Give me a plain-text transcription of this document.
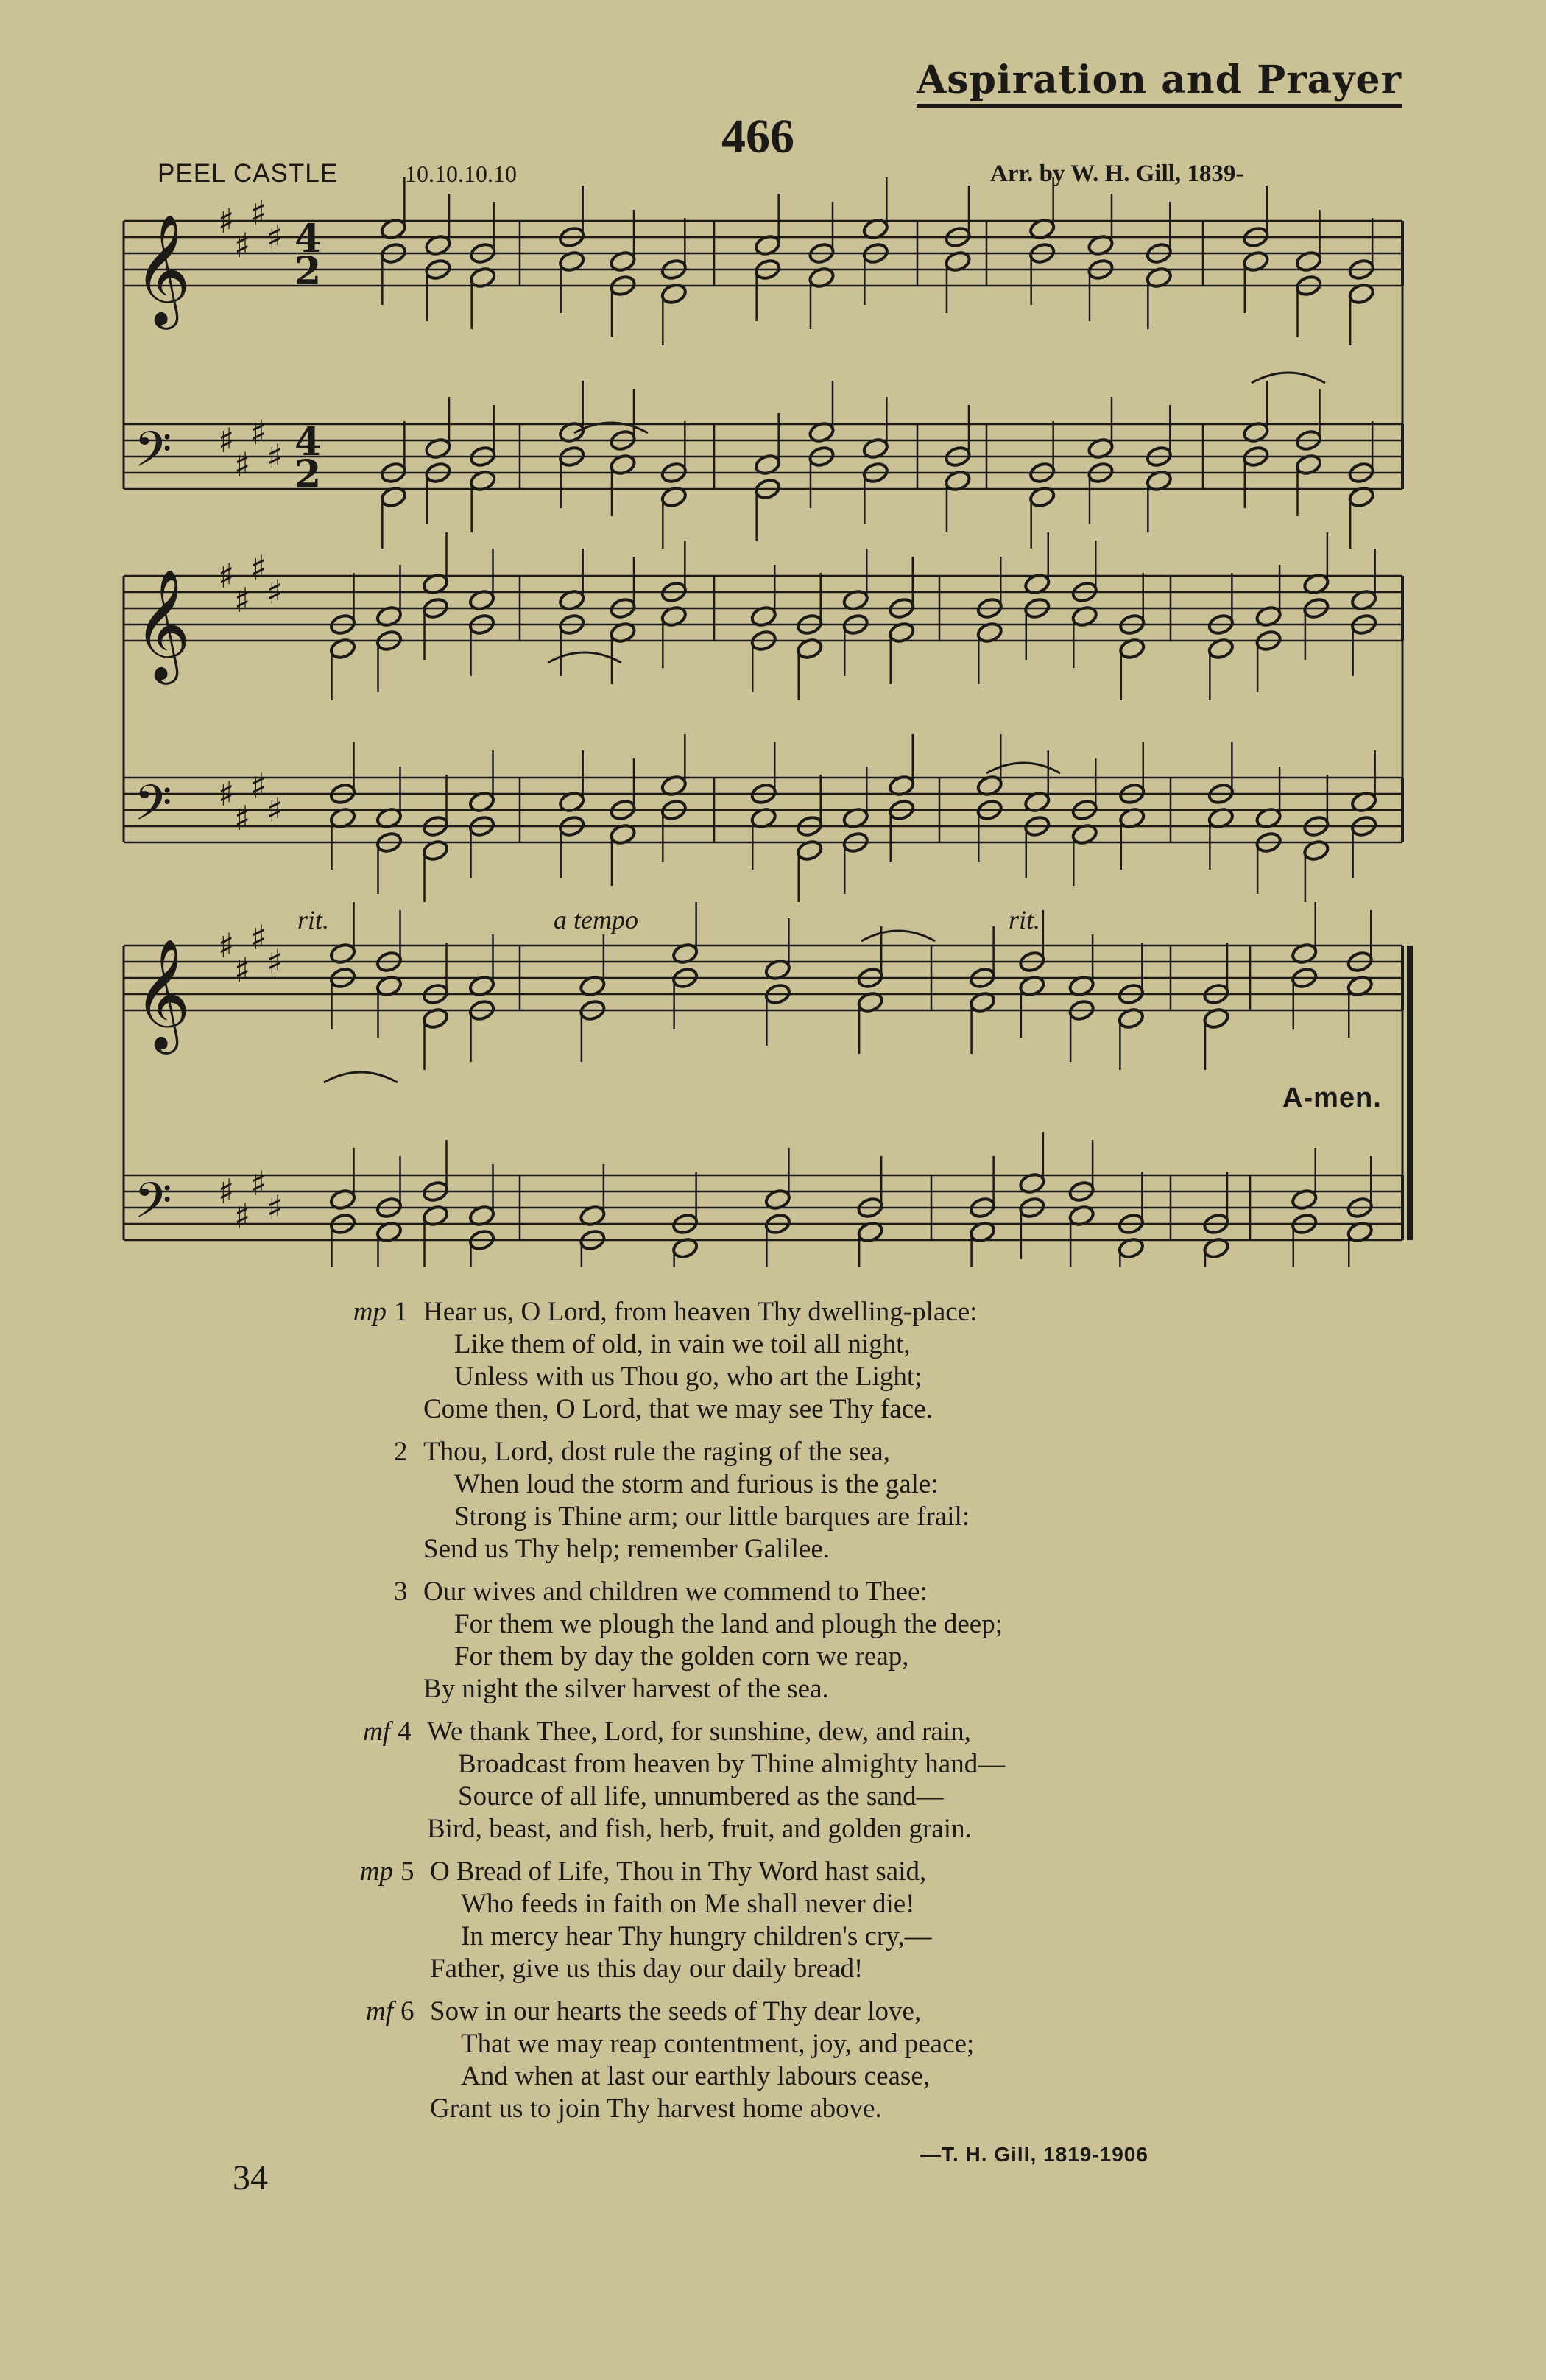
Aspiration and Prayer
466
PEEL CASTLE	10.10.10.10	Arr. by W. H. Gill, 1839-
𝄞 ♯
♯
♯
♯ 4
2
𝄢 ♯
♯
♯
♯ 4
2
𝄞 ♯
♯
♯
♯
𝄢 ♯
♯
♯
♯
𝄞 ♯
♯
♯
♯
𝄢 ♯
♯
♯
♯
rit.	a tempo	rit.
A-men.
mp 1 Hear us, O Lord, from heaven Thy dwelling-place:
Like them of old, in vain we toil all night,
Unless with us Thou go, who art the Light;
Come then, O Lord, that we may see Thy face.
2 Thou, Lord, dost rule the raging of the sea,
When loud the storm and furious is the gale:
Strong is Thine arm; our little barques are frail:
Send us Thy help; remember Galilee.
3 Our wives and children we commend to Thee:
For them we plough the land and plough the deep;
For them by day the golden corn we reap,
By night the silver harvest of the sea.
mf 4 We thank Thee, Lord, for sunshine, dew, and rain,
Broadcast from heaven by Thine almighty hand—
Source of all life, unnumbered as the sand—
Bird, beast, and fish, herb, fruit, and golden grain.
mp 5 O Bread of Life, Thou in Thy Word hast said,
Who feeds in faith on Me shall never die!
In mercy hear Thy hungry children's cry,—
Father, give us this day our daily bread!
mf 6 Sow in our hearts the seeds of Thy dear love,
That we may reap contentment, joy, and peace;
And when at last our earthly labours cease,
Grant us to join Thy harvest home above.
—T. H. Gill, 1819-1906
34
